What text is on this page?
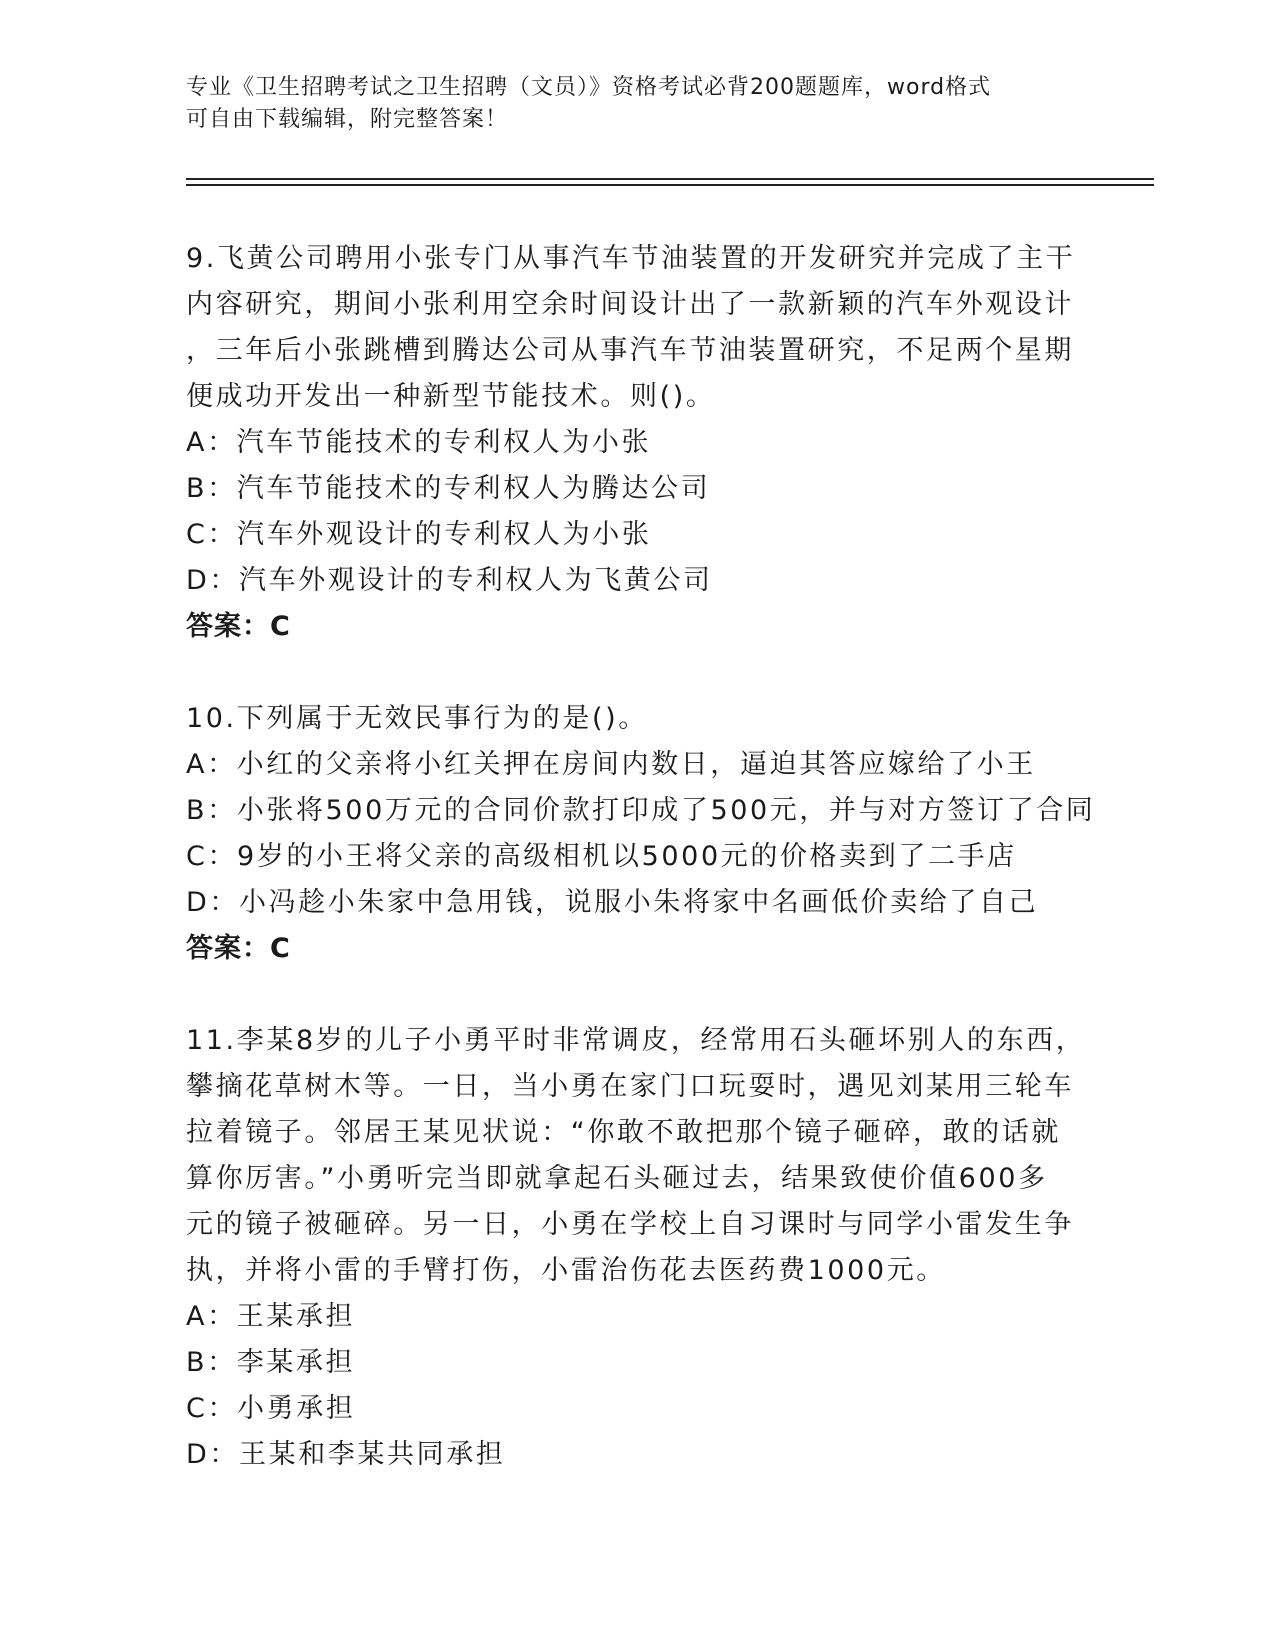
专业《卫生招聘考试之卫生招聘（文员）》资格考试必背200题题库，word格式
可自由下载编辑，附完整答案！
9.飞黄公司聘用小张专门从事汽车节油装置的开发研究并完成了主干
内容研究，期间小张利用空余时间设计出了一款新颖的汽车外观设计
，三年后小张跳槽到腾达公司从事汽车节油装置研究，不足两个星期
便成功开发出一种新型节能技术。则()。
A：汽车节能技术的专利权人为小张
B：汽车节能技术的专利权人为腾达公司
C：汽车外观设计的专利权人为小张
D：汽车外观设计的专利权人为飞黄公司
答案：C
10.下列属于无效民事行为的是()。
A：小红的父亲将小红关押在房间内数日，逼迫其答应嫁给了小王
B：小张将500万元的合同价款打印成了500元，并与对方签订了合同
C：9岁的小王将父亲的高级相机以5000元的价格卖到了二手店
D：小冯趁小朱家中急用钱，说服小朱将家中名画低价卖给了自己
答案：C
11.李某8岁的儿子小勇平时非常调皮，经常用石头砸坏别人的东西，
攀摘花草树木等。一日，当小勇在家门口玩耍时，遇见刘某用三轮车
拉着镜子。邻居王某见状说：“你敢不敢把那个镜子砸碎，敢的话就
算你厉害。”小勇听完当即就拿起石头砸过去，结果致使价值600多
元的镜子被砸碎。另一日，小勇在学校上自习课时与同学小雷发生争
执，并将小雷的手臂打伤，小雷治伤花去医药费1000元。
A：王某承担
B：李某承担
C：小勇承担
D：王某和李某共同承担
